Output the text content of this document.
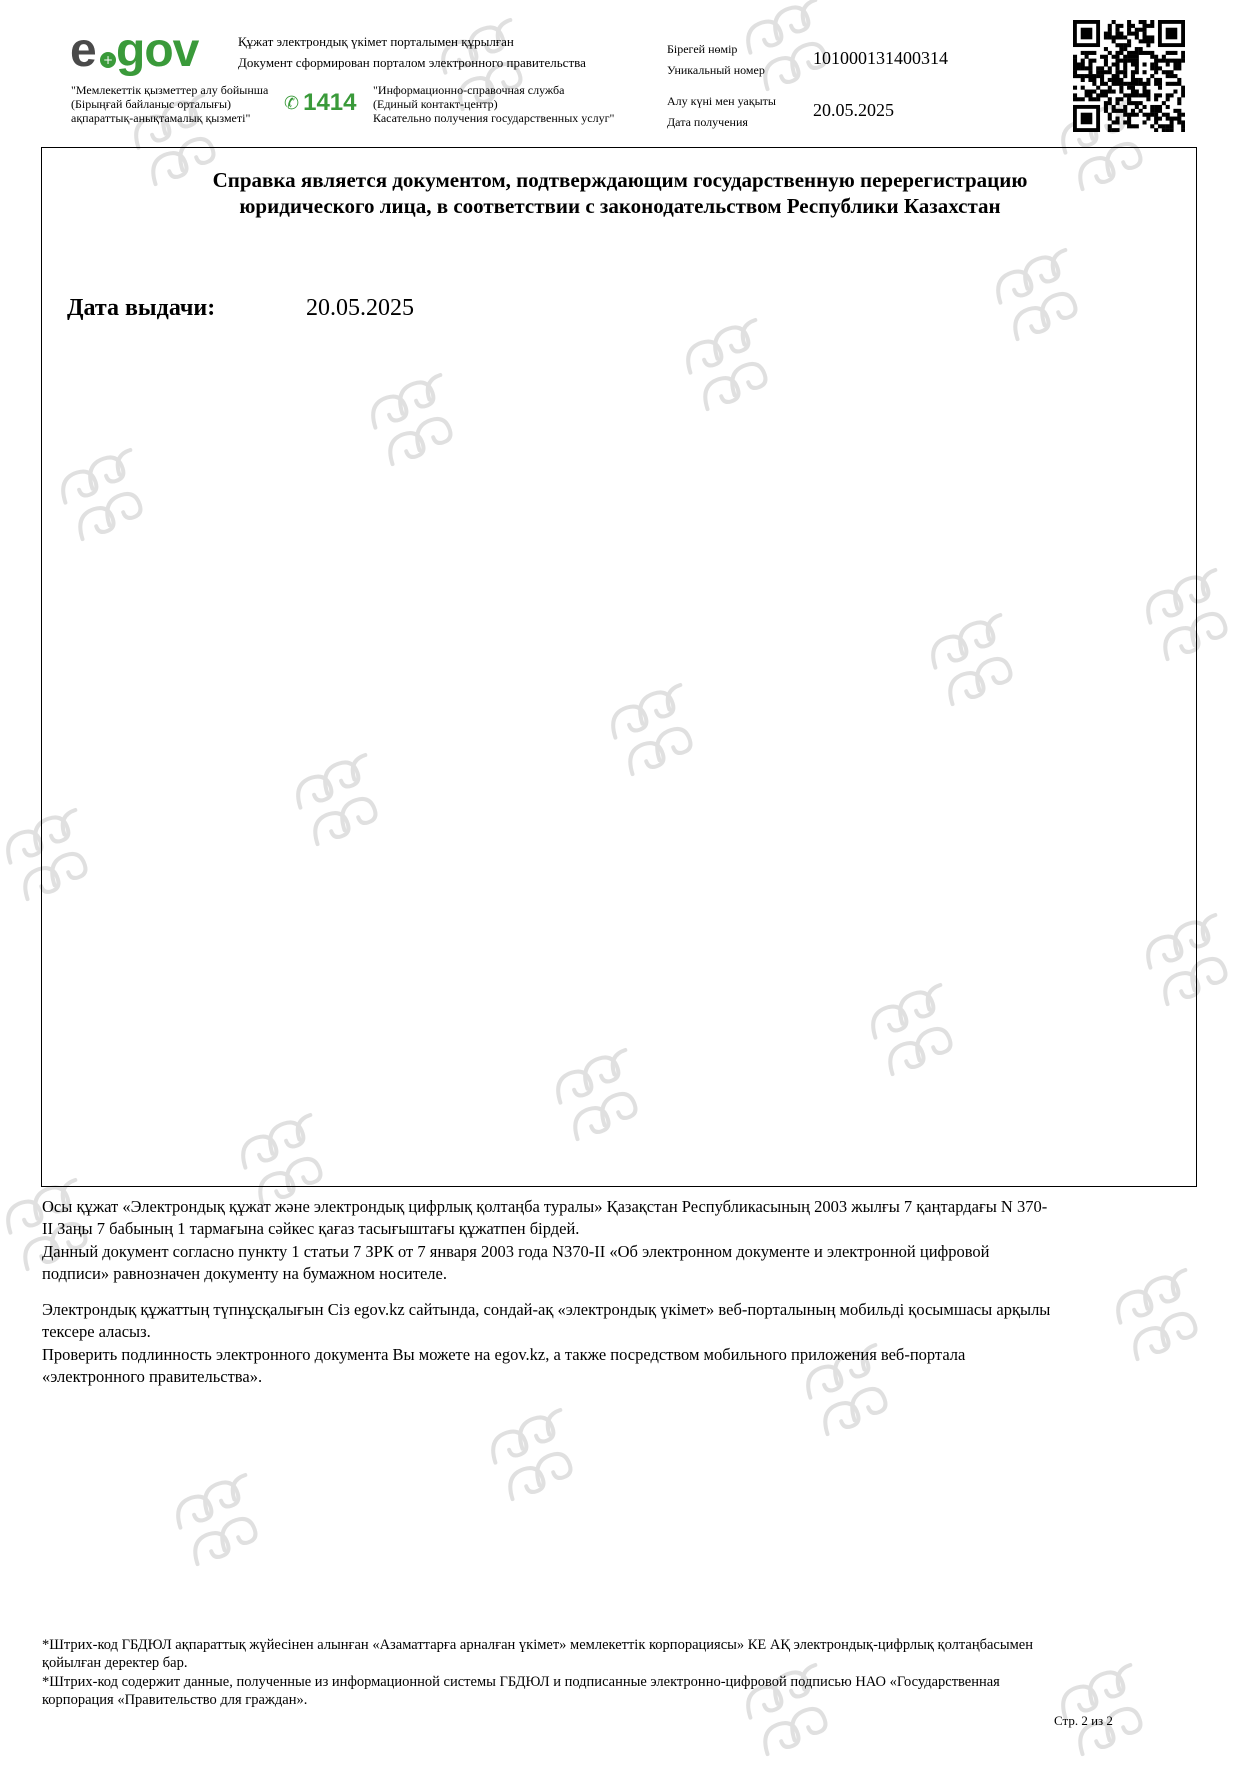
e + gov	Құжат электрондық үкімет порталымен құрылған
Документ сформирован порталом электронного правительства
"Мемлекеттік қызметтер алу бойынша
(Бірыңғай байланыс орталығы)
ақпараттық-анықтамалық қызметі"
✆ 1414 "Информационно-справочная служба
(Единый контакт-центр)
Касательно получения государственных услуг"
Бірегей нөмір
Уникальный номер
101000131400314
Алу күні мен уақыты
Дата получения
20.05.2025
Справка является документом, подтверждающим государственную перерегистрацию
юридического лица, в соответствии с законодательством Республики Казахстан
Дата выдачи:	20.05.2025
Осы құжат «Электрондық құжат және электрондық цифрлық қолтаңба туралы» Қазақстан Республикасының 2003 жылғы 7 қаңтардағы N 370-
II Заңы 7 бабының 1 тармағына сәйкес қағаз тасығыштағы құжатпен бірдей.
Данный документ согласно пункту 1 статьи 7 ЗРК от 7 января 2003 года N370-II «Об электронном документе и электронной цифровой
подписи» равнозначен документу на бумажном носителе.
Электрондық құжаттың түпнұсқалығын Сіз egov.kz сайтында, сондай-ақ «электрондық үкімет» веб-порталының мобильді қосымшасы арқылы
тексере аласыз.
Проверить подлинность электронного документа Вы можете на egov.kz, а также посредством мобильного приложения веб-портала
«электронного правительства».
*Штрих-код ГБДЮЛ ақпараттық жүйесінен алынған «Азаматтарға арналған үкімет» мемлекеттік корпорациясы» КЕ АҚ электрондық-цифрлық қолтаңбасымен
қойылған деректер бар.
*Штрих-код содержит данные, полученные из информационной системы ГБДЮЛ и подписанные электронно-цифровой подписью НАО «Государственная
корпорация «Правительство для граждан».
Стр. 2 из 2
